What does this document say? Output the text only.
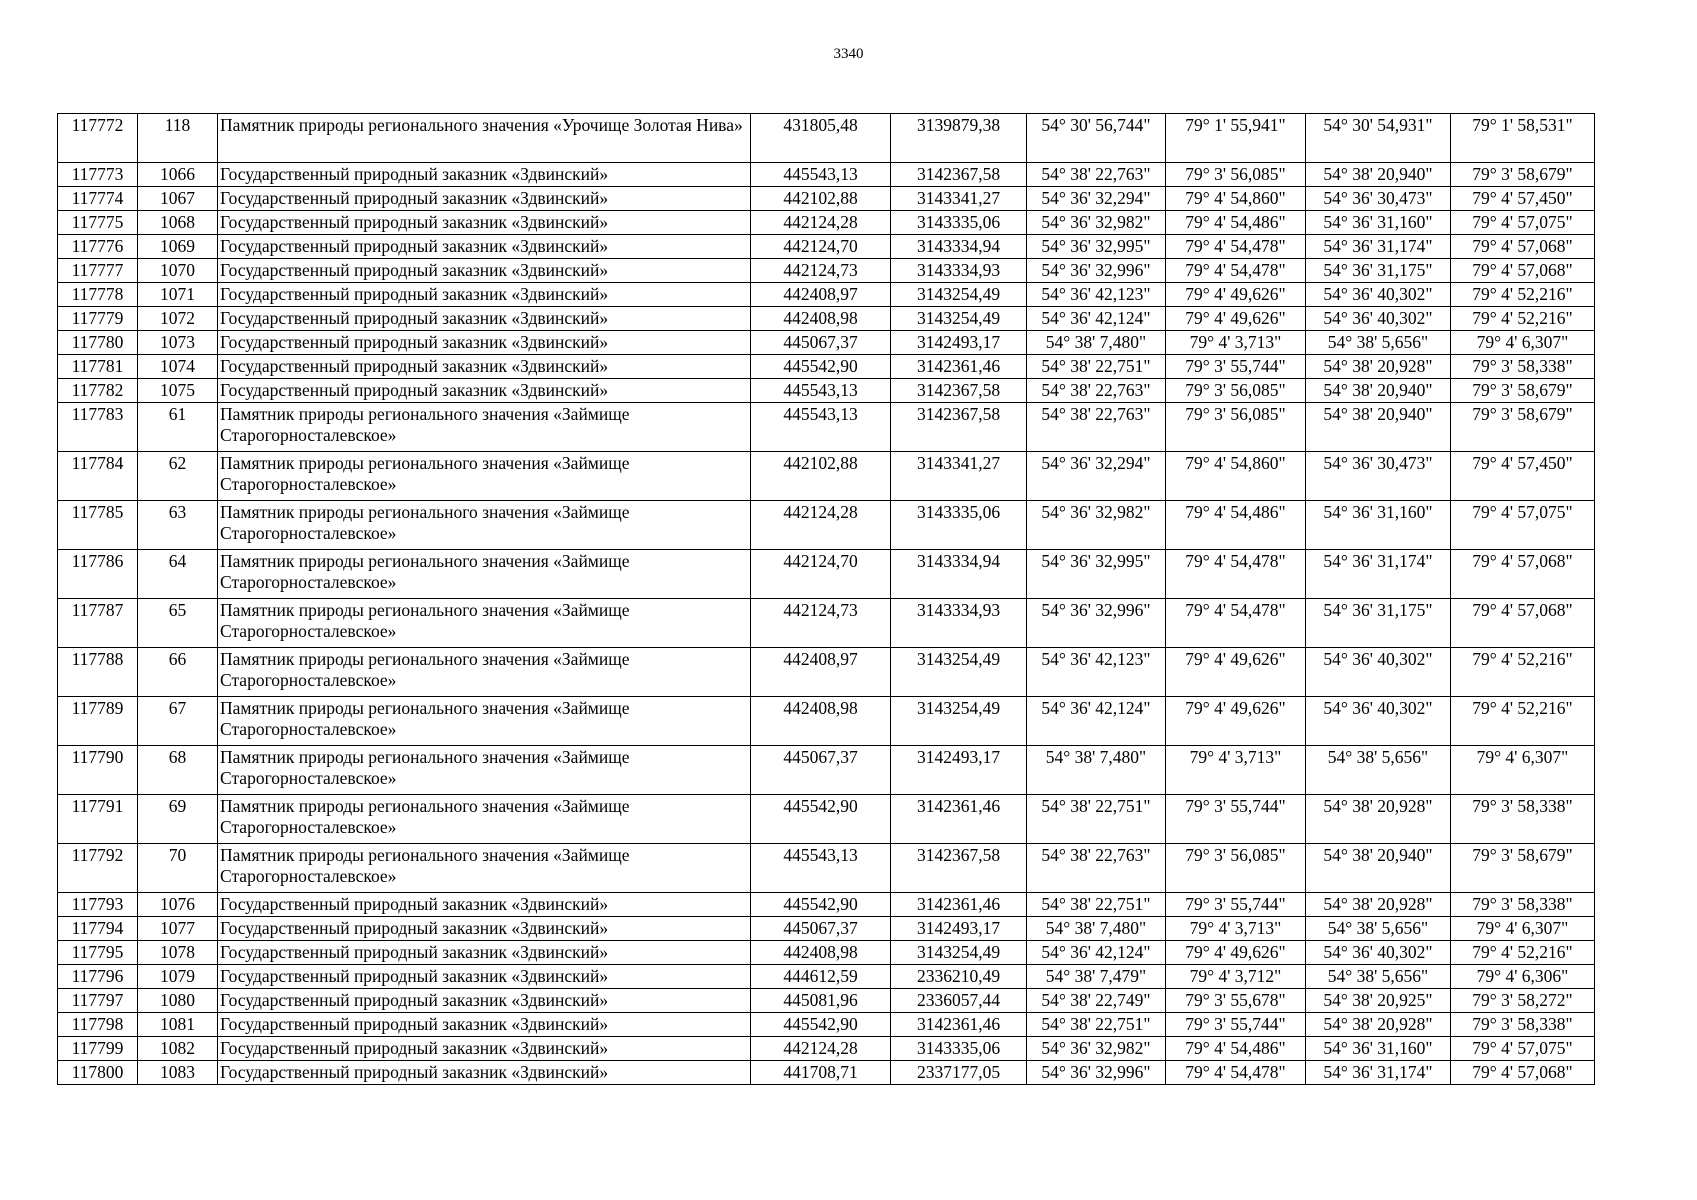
3340
117772	118	Памятник природы регионального значения «Урочище Золотая Нива»	431805,48	3139879,38	54° 30' 56,744"	79° 1' 55,941"	54° 30' 54,931"	79° 1' 58,531"
117773	1066	Государственный природный заказник «Здвинский»	445543,13	3142367,58	54° 38' 22,763"	79° 3' 56,085"	54° 38' 20,940"	79° 3' 58,679"
117774	1067	Государственный природный заказник «Здвинский»	442102,88	3143341,27	54° 36' 32,294"	79° 4' 54,860"	54° 36' 30,473"	79° 4' 57,450"
117775	1068	Государственный природный заказник «Здвинский»	442124,28	3143335,06	54° 36' 32,982"	79° 4' 54,486"	54° 36' 31,160"	79° 4' 57,075"
117776	1069	Государственный природный заказник «Здвинский»	442124,70	3143334,94	54° 36' 32,995"	79° 4' 54,478"	54° 36' 31,174"	79° 4' 57,068"
117777	1070	Государственный природный заказник «Здвинский»	442124,73	3143334,93	54° 36' 32,996"	79° 4' 54,478"	54° 36' 31,175"	79° 4' 57,068"
117778	1071	Государственный природный заказник «Здвинский»	442408,97	3143254,49	54° 36' 42,123"	79° 4' 49,626"	54° 36' 40,302"	79° 4' 52,216"
117779	1072	Государственный природный заказник «Здвинский»	442408,98	3143254,49	54° 36' 42,124"	79° 4' 49,626"	54° 36' 40,302"	79° 4' 52,216"
117780	1073	Государственный природный заказник «Здвинский»	445067,37	3142493,17	54° 38' 7,480"	79° 4' 3,713"	54° 38' 5,656"	79° 4' 6,307"
117781	1074	Государственный природный заказник «Здвинский»	445542,90	3142361,46	54° 38' 22,751"	79° 3' 55,744"	54° 38' 20,928"	79° 3' 58,338"
117782	1075	Государственный природный заказник «Здвинский»	445543,13	3142367,58	54° 38' 22,763"	79° 3' 56,085"	54° 38' 20,940"	79° 3' 58,679"
117783	61	Памятник природы регионального значения «Займище Старогорносталевское»	445543,13	3142367,58	54° 38' 22,763"	79° 3' 56,085"	54° 38' 20,940"	79° 3' 58,679"
117784	62	Памятник природы регионального значения «Займище Старогорносталевское»	442102,88	3143341,27	54° 36' 32,294"	79° 4' 54,860"	54° 36' 30,473"	79° 4' 57,450"
117785	63	Памятник природы регионального значения «Займище Старогорносталевское»	442124,28	3143335,06	54° 36' 32,982"	79° 4' 54,486"	54° 36' 31,160"	79° 4' 57,075"
117786	64	Памятник природы регионального значения «Займище Старогорносталевское»	442124,70	3143334,94	54° 36' 32,995"	79° 4' 54,478"	54° 36' 31,174"	79° 4' 57,068"
117787	65	Памятник природы регионального значения «Займище Старогорносталевское»	442124,73	3143334,93	54° 36' 32,996"	79° 4' 54,478"	54° 36' 31,175"	79° 4' 57,068"
117788	66	Памятник природы регионального значения «Займище Старогорносталевское»	442408,97	3143254,49	54° 36' 42,123"	79° 4' 49,626"	54° 36' 40,302"	79° 4' 52,216"
117789	67	Памятник природы регионального значения «Займище Старогорносталевское»	442408,98	3143254,49	54° 36' 42,124"	79° 4' 49,626"	54° 36' 40,302"	79° 4' 52,216"
117790	68	Памятник природы регионального значения «Займище Старогорносталевское»	445067,37	3142493,17	54° 38' 7,480"	79° 4' 3,713"	54° 38' 5,656"	79° 4' 6,307"
117791	69	Памятник природы регионального значения «Займище Старогорносталевское»	445542,90	3142361,46	54° 38' 22,751"	79° 3' 55,744"	54° 38' 20,928"	79° 3' 58,338"
117792	70	Памятник природы регионального значения «Займище Старогорносталевское»	445543,13	3142367,58	54° 38' 22,763"	79° 3' 56,085"	54° 38' 20,940"	79° 3' 58,679"
117793	1076	Государственный природный заказник «Здвинский»	445542,90	3142361,46	54° 38' 22,751"	79° 3' 55,744"	54° 38' 20,928"	79° 3' 58,338"
117794	1077	Государственный природный заказник «Здвинский»	445067,37	3142493,17	54° 38' 7,480"	79° 4' 3,713"	54° 38' 5,656"	79° 4' 6,307"
117795	1078	Государственный природный заказник «Здвинский»	442408,98	3143254,49	54° 36' 42,124"	79° 4' 49,626"	54° 36' 40,302"	79° 4' 52,216"
117796	1079	Государственный природный заказник «Здвинский»	444612,59	2336210,49	54° 38' 7,479"	79° 4' 3,712"	54° 38' 5,656"	79° 4' 6,306"
117797	1080	Государственный природный заказник «Здвинский»	445081,96	2336057,44	54° 38' 22,749"	79° 3' 55,678"	54° 38' 20,925"	79° 3' 58,272"
117798	1081	Государственный природный заказник «Здвинский»	445542,90	3142361,46	54° 38' 22,751"	79° 3' 55,744"	54° 38' 20,928"	79° 3' 58,338"
117799	1082	Государственный природный заказник «Здвинский»	442124,28	3143335,06	54° 36' 32,982"	79° 4' 54,486"	54° 36' 31,160"	79° 4' 57,075"
117800	1083	Государственный природный заказник «Здвинский»	441708,71	2337177,05	54° 36' 32,996"	79° 4' 54,478"	54° 36' 31,174"	79° 4' 57,068"
